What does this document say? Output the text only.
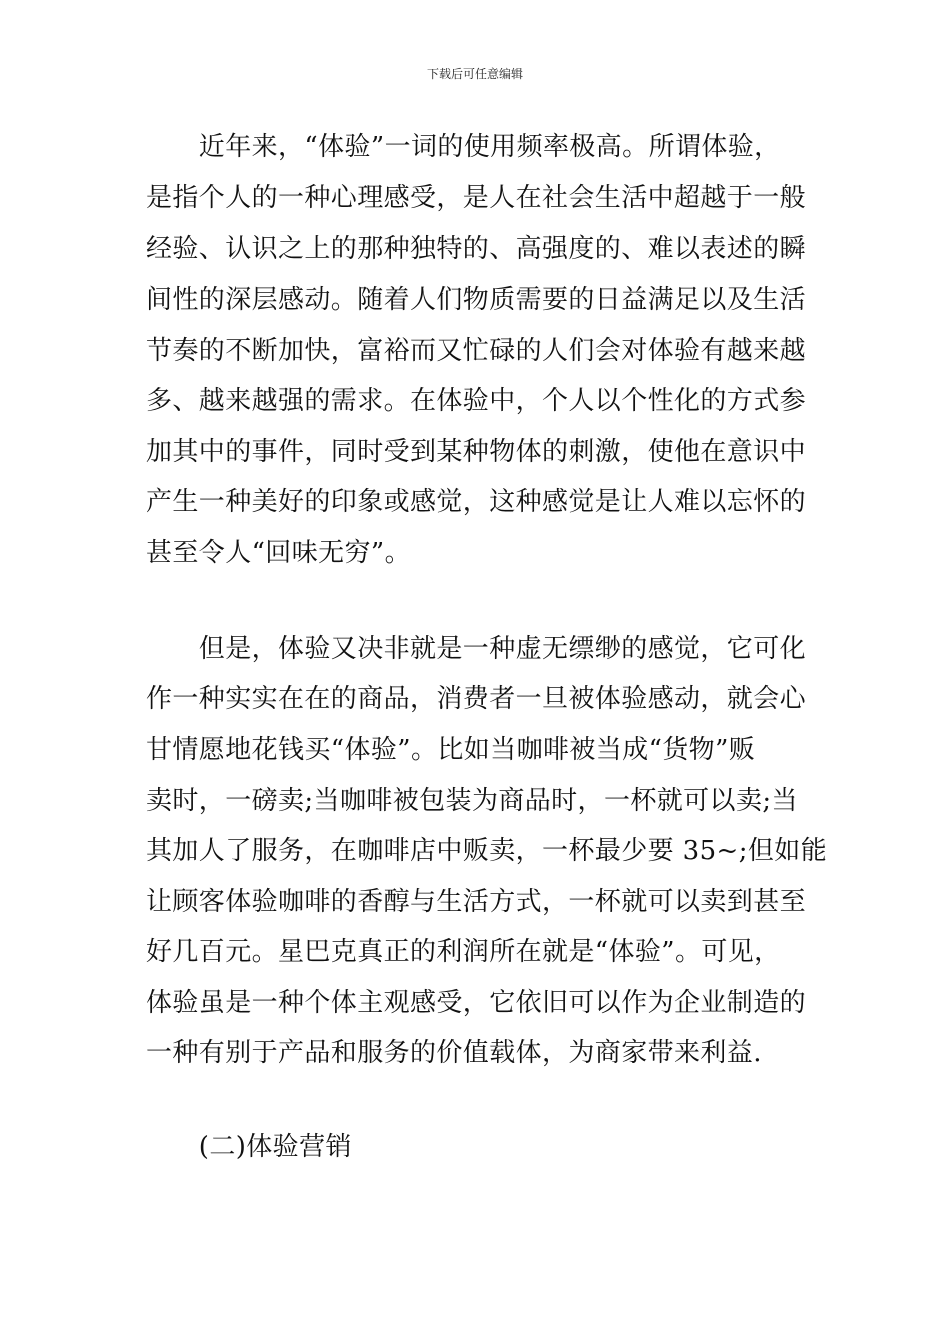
下载后可任意编辑
　　近年来，“体验”一词的使用频率极高。所谓体验，
是指个人的一种心理感受，是人在社会生活中超越于一般
经验、认识之上的那种独特的、高强度的、难以表述的瞬
间性的深层感动。随着人们物质需要的日益满足以及生活
节奏的不断加快，富裕而又忙碌的人们会对体验有越来越
多、越来越强的需求。在体验中，个人以个性化的方式参
加其中的事件，同时受到某种物体的刺激，使他在意识中
产生一种美好的印象或感觉，这种感觉是让人难以忘怀的
甚至令人“回味无穷”。
　　但是，体验又决非就是一种虚无缥缈的感觉，它可化
作一种实实在在的商品，消费者一旦被体验感动，就会心
甘情愿地花钱买“体验”。比如当咖啡被当成“货物”贩
卖时，一磅卖;当咖啡被包装为商品时，一杯就可以卖;当
其加人了服务，在咖啡店中贩卖，一杯最少要 35~;但如能
让顾客体验咖啡的香醇与生活方式，一杯就可以卖到甚至
好几百元。星巴克真正的利润所在就是“体验”。可见，
体验虽是一种个体主观感受，它依旧可以作为企业制造的
一种有别于产品和服务的价值载体，为商家带来利益.
　　(二)体验营销
